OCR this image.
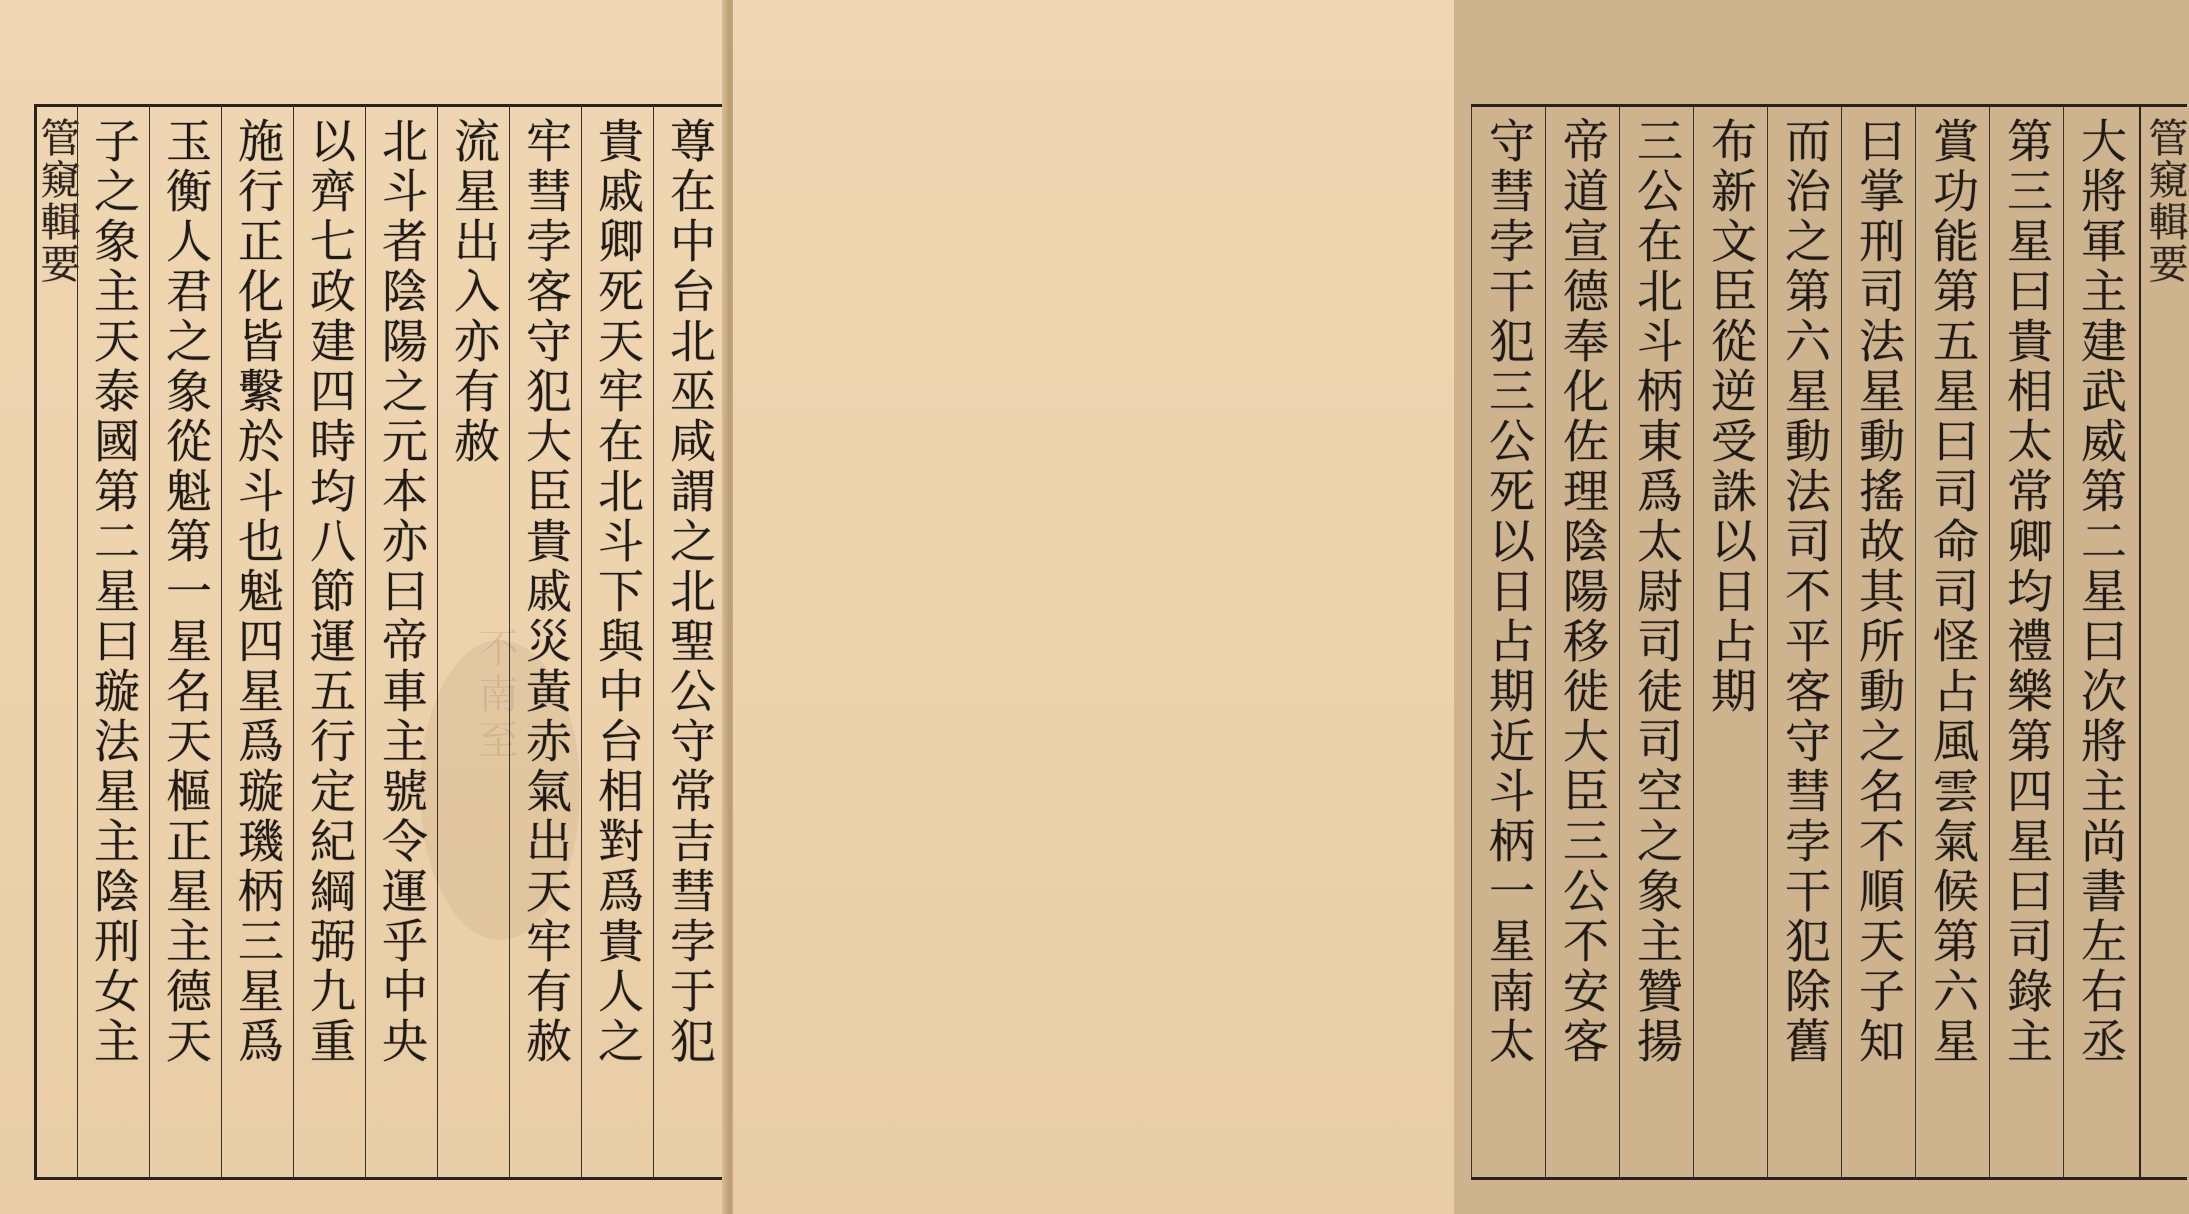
管窺輯要
不南至
子之象主天泰國第二星曰璇法星主陰刑女主 玉衡人君之象從魁第一星名天樞正星主德天 施行正化皆繫於斗也魁四星爲璇璣柄三星爲 以齊七政建四時均八節運五行定紀綱弼九重 北斗者陰陽之元本亦曰帝車主號令運乎中央 流星出入亦有赦 牢彗孛客守犯大臣貴戚災黃赤氣出天牢有赦 貴戚卿死天牢在北斗下與中台相對爲貴人之 尊在中台北巫咸謂之北聖公守常吉彗孛于犯	守彗孛干犯三公死以日占期近斗柄一星南太 帝道宣德奉化佐理陰陽移徙大臣三公不安客 三公在北斗柄東爲太尉司徒司空之象主贊揚 布新文臣從逆受誅以日占期 而治之第六星動法司不平客守彗孛干犯除舊 曰掌刑司法星動搖故其所動之名不順天子知 賞功能第五星曰司命司怪占風雲氣候第六星 第三星曰貴相太常卿均禮樂第四星曰司錄主 大將軍主建武威第二星曰次將主尚書左右丞 管窺輯要
